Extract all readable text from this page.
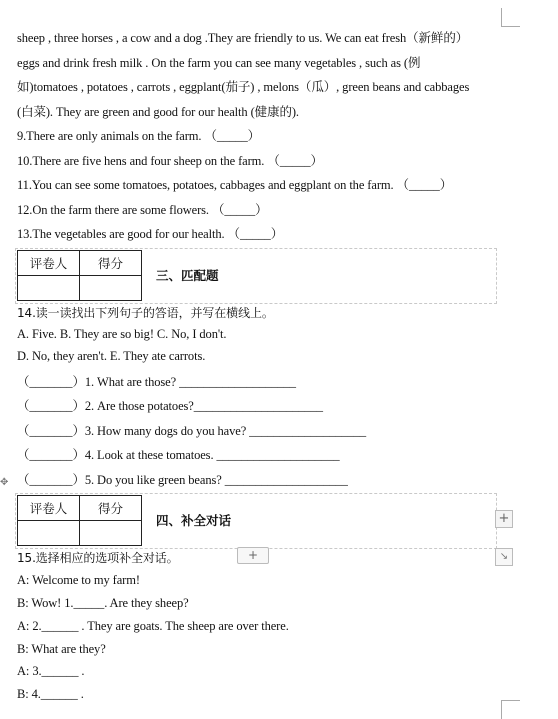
sheep , three horses , a cow and a dog .They are friendly to us. We can eat fresh（新鲜的）
eggs and drink fresh milk . On the farm you can see many vegetables , such as (例
如)tomatoes , potatoes , carrots , eggplant(茄子) , melons（瓜）, green beans and cabbages
(白菜). They are green and good for our health (健康的).
9.There are only animals on the farm. （_____）
10.There are five hens and four sheep on the farm. （_____）
11.You can see some tomatoes, potatoes, cabbages and eggplant on the farm. （_____）
12.On the farm there are some flowers. （_____）
13.The vegetables are good for our health. （_____）
评卷人	得分

三、匹配题
14.读一读找出下列句子的答语，并写在横线上。
A. Five. B. They are so big! C. No, I don't.
D. No, they aren't. E. They ate carrots.
（_______）1. What are those? ___________________
（_______）2. Are those potatoes?_____________________
（_______）3. How many dogs do you have? ___________________
（_______）4. Look at these tomatoes. ____________________
（_______）5. Do you like green beans? ____________________
✥
评卷人	得分

四、补全对话	+
+	↘
15.选择相应的选项补全对话。
A: Welcome to my farm!
B: Wow! 1._____. Are they sheep?
A: 2.______ . They are goats. The sheep are over there.
B: What are they?
A: 3.______ .
B: 4.______ .
